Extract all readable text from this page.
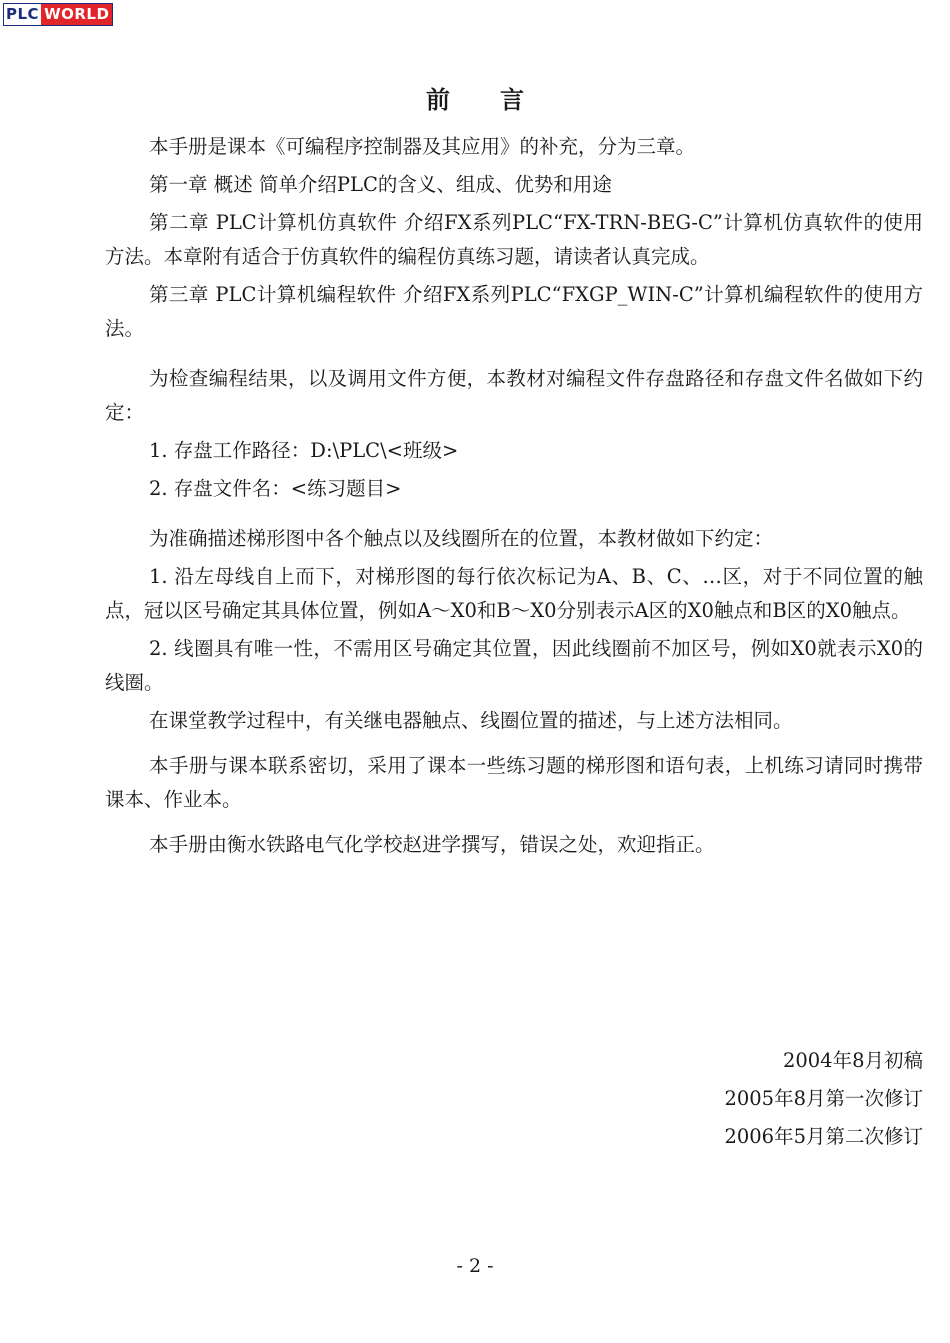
PLC WORLD
前言

本手册是课本《可编程序控制器及其应用》的补充，分为三章。

第一章 概述 简单介绍PLC的含义、组成、优势和用途

第二章 PLC计算机仿真软件 介绍FX系列PLC“FX-TRN-BEG-C”计算机仿真软件的使用方法。本章附有适合于仿真软件的编程仿真练习题，请读者认真完成。

第三章 PLC计算机编程软件 介绍FX系列PLC“FXGP_WIN-C”计算机编程软件的使用方法。

为检查编程结果，以及调用文件方便，本教材对编程文件存盘路径和存盘文件名做如下约定：

1. 存盘工作路径：D:\PLC\<班级>

2. 存盘文件名：<练习题目>

为准确描述梯形图中各个触点以及线圈所在的位置，本教材做如下约定：

1. 沿左母线自上而下，对梯形图的每行依次标记为A、B、C、…区，对于不同位置的触点，冠以区号确定其具体位置，例如A～X0和B～X0分别表示A区的X0触点和B区的X0触点。

2. 线圈具有唯一性，不需用区号确定其位置，因此线圈前不加区号，例如X0就表示X0的线圈。

在课堂教学过程中，有关继电器触点、线圈位置的描述，与上述方法相同。

本手册与课本联系密切，采用了课本一些练习题的梯形图和语句表，上机练习请同时携带课本、作业本。

本手册由衡水铁路电气化学校赵进学撰写，错误之处，欢迎指正。

2004年8月初稿
2005年8月第一次修订
2006年5月第二次修订
- 2 -
